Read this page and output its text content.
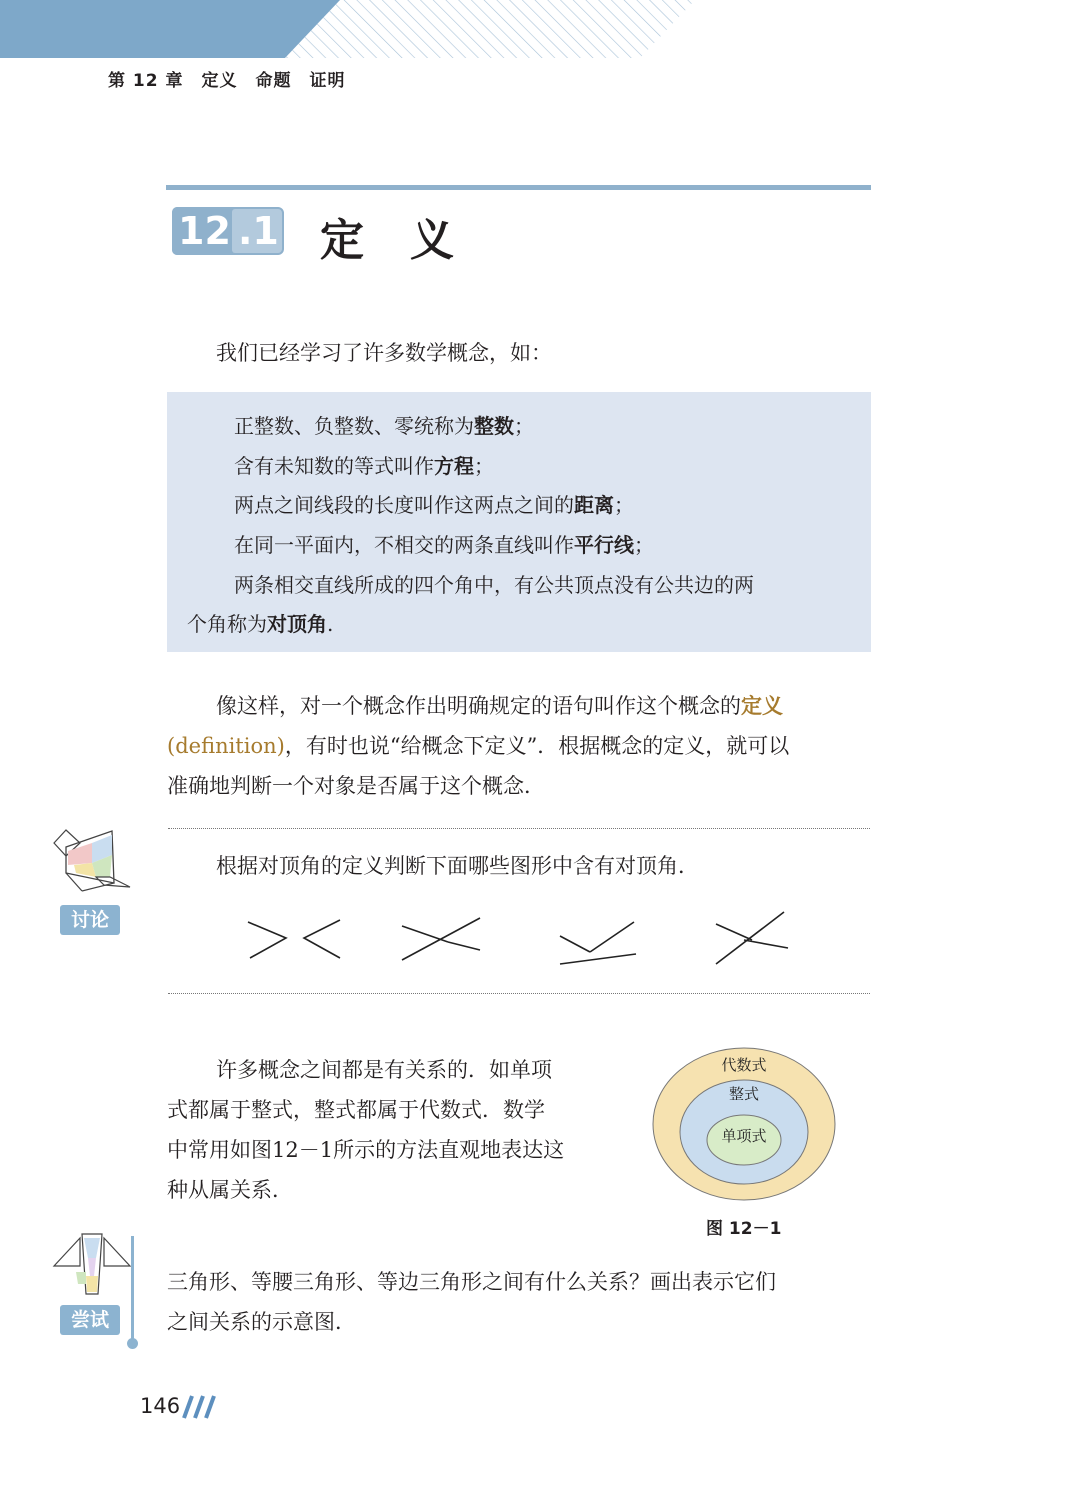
第 12 章　定义　命题　证明
12 .1 定义
我们已经学习了许多数学概念，如：
正整数、负整数、零统称为整数；
含有未知数的等式叫作方程；
两点之间线段的长度叫作这两点之间的距离；
在同一平面内，不相交的两条直线叫作平行线；
两条相交直线所成的四个角中，有公共顶点没有公共边的两
个角称为对顶角.
像这样，对一个概念作出明确规定的语句叫作这个概念的定义
(definition)，有时也说“给概念下定义”．根据概念的定义，就可以
准确地判断一个对象是否属于这个概念．
讨论
根据对顶角的定义判断下面哪些图形中含有对顶角．
许多概念之间都是有关系的．如单项
式都属于整式，整式都属于代数式．数学
中常用如图12－1所示的方法直观地表达这
种从属关系．
代数式
整式
单项式
图 12－1
尝试
三角形、等腰三角形、等边三角形之间有什么关系？画出表示它们
之间关系的示意图．
146
